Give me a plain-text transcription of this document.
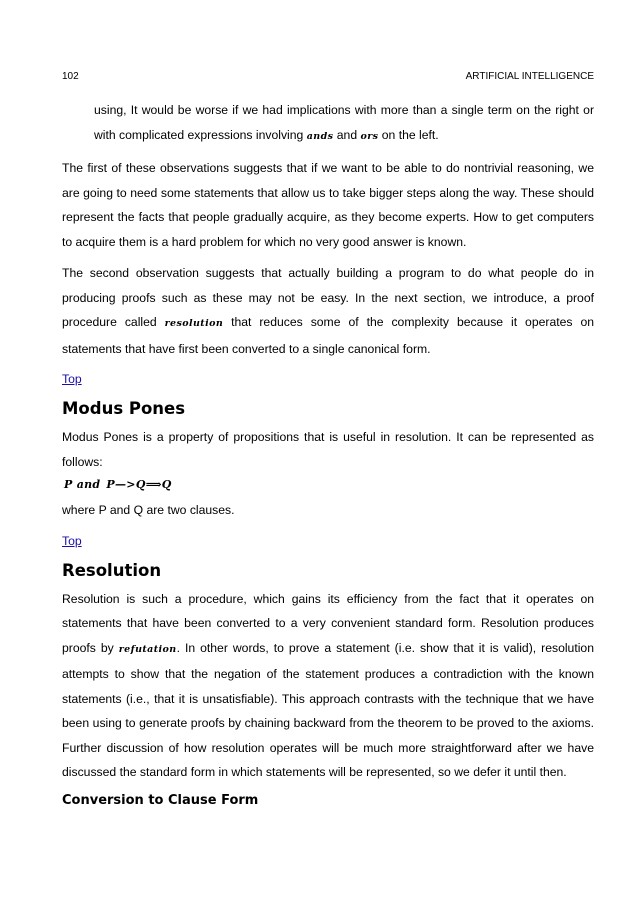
102	ARTIFICIAL INTELLIGENCE

using, It would be worse if we had implications with more than a single term on the right or with complicated expressions involving ands and ors on the left.

The first of these observations suggests that if we want to be able to do nontrivial reasoning, we are going to need some statements that allow us to take bigger steps along the way. These should represent the facts that people gradually acquire, as they become experts. How to get computers to acquire them is a hard problem for which no very good answer is known.

The second observation suggests that actually building a program to do what people do in producing proofs such as these may not be easy. In the next section, we introduce, a proof procedure called resolution that reduces some of the complexity because it operates on statements that have first been converted to a single canonical form.

Top
Modus Pones

Modus Pones is a property of propositions that is useful in resolution. It can be represented as follows:

P and P—>Q⟹Q

where P and Q are two clauses.

Top
Resolution

Resolution is such a procedure, which gains its efficiency from the fact that it operates on statements that have been converted to a very convenient standard form. Resolution produces proofs by refutation. In other words, to prove a statement (i.e. show that it is valid), resolution attempts to show that the negation of the statement produces a contradiction with the known statements (i.e., that it is unsatisfiable). This approach contrasts with the technique that we have been using to generate proofs by chaining backward from the theorem to be proved to the axioms. Further discussion of how resolution operates will be much more straightforward after we have discussed the standard form in which statements will be represented, so we defer it until then.

Conversion to Clause Form
